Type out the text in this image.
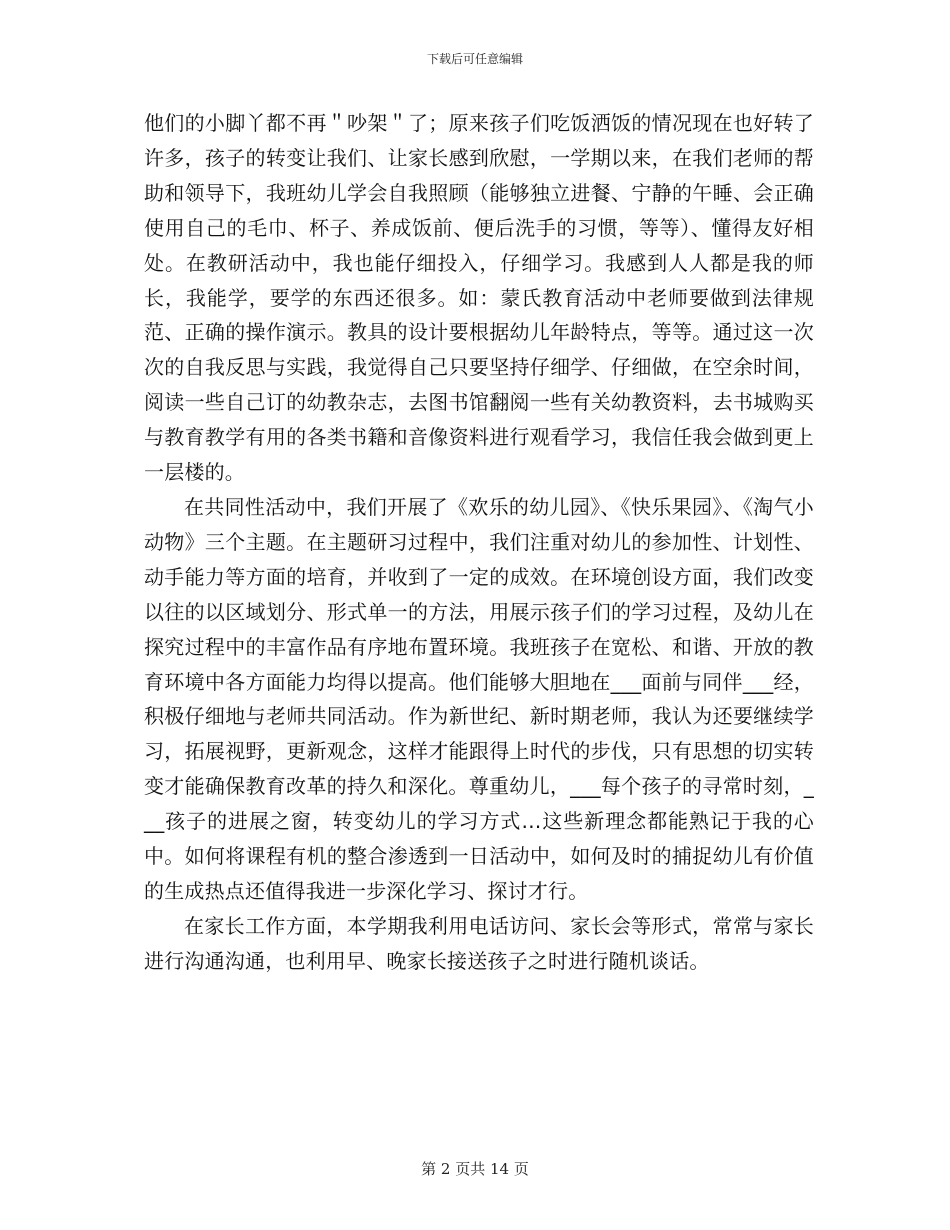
下载后可任意编辑

他们的小脚丫都不再＂吵架＂了；原来孩子们吃饭洒饭的情况现在也好转了许多，孩子的转变让我们、让家长感到欣慰，一学期以来，在我们老师的帮助和领导下，我班幼儿学会自我照顾（能够独立进餐、宁静的午睡、会正确使用自己的毛巾、杯子、养成饭前、便后洗手的习惯，等等）、懂得友好相处。在教研活动中，我也能仔细投入，仔细学习。我感到人人都是我的师长，我能学，要学的东西还很多。如：蒙氏教育活动中老师要做到法律规范、正确的操作演示。教具的设计要根据幼儿年龄特点，等等。通过这一次次的自我反思与实践，我觉得自己只要坚持仔细学、仔细做，在空余时间，阅读一些自己订的幼教杂志，去图书馆翻阅一些有关幼教资料，去书城购买与教育教学有用的各类书籍和音像资料进行观看学习，我信任我会做到更上一层楼的。

在共同性活动中，我们开展了《欢乐的幼儿园》、《快乐果园》、《淘气小动物》三个主题。在主题研习过程中，我们注重对幼儿的参加性、计划性、动手能力等方面的培育，并收到了一定的成效。在环境创设方面，我们改变以往的以区域划分、形式单一的方法，用展示孩子们的学习过程，及幼儿在探究过程中的丰富作品有序地布置环境。我班孩子在宽松、和谐、开放的教育环境中各方面能力均得以提高。他们能够大胆地在___面前与同伴___经，积极仔细地与老师共同活动。作为新世纪、新时期老师，我认为还要继续学习，拓展视野，更新观念，这样才能跟得上时代的步伐，只有思想的切实转变才能确保教育改革的持久和深化。尊重幼儿，___每个孩子的寻常时刻，___孩子的进展之窗，转变幼儿的学习方式…这些新理念都能熟记于我的心中。如何将课程有机的整合渗透到一日活动中，如何及时的捕捉幼儿有价值的生成热点还值得我进一步深化学习、探讨才行。

在家长工作方面，本学期我利用电话访问、家长会等形式，常常与家长进行沟通沟通，也利用早、晚家长接送孩子之时进行随机谈话。

第 2 页共 14 页
